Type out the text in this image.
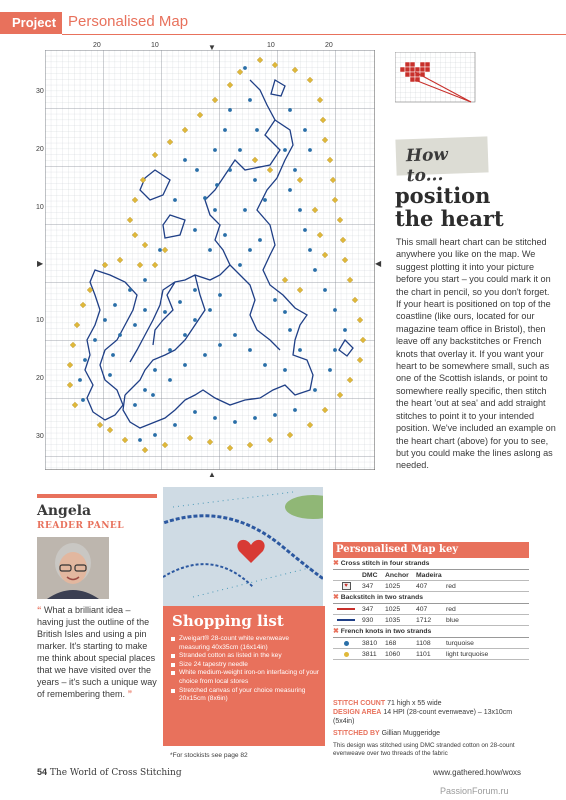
Project Personalised Map
20	10	10	20
30
20
10
10
20
30
▼
▲
▶	◀
How to...
position
the heart
This small heart chart can be stitched anywhere you like on the map. We suggest plotting it into your picture before you start – you could mark it on the chart in pencil, so you don't forget. If your heart is positioned on top of the coastline (like ours, located for our magazine team office in Bristol), then leave off any backstitches or French knots that overlay it. If you want your heart to be somewhere small, such as one of the Scottish islands, or point to somewhere really specific, then stitch the heart 'out at sea' and add straight stitches to point it to your intended position. We've included an example on the heart chart (above) for you to see, but you could make the lines aslong as needed.
Angela
READER PANEL
“ What a brilliant idea – having just the outline of the British Isles and using a pin marker. It's starting to make me think about special places that we have visited over the years – it's such a unique way of remembering them. ”
Shopping list
Zweigart® 28-count white evenweave measuring 40x35cm (16x14in)
Stranded cotton as listed in the key
Size 24 tapestry needle
White medium-weight iron-on interfacing of your choice from local stores
Stretched canvas of your choice measuring 20x15cm (8x6in)
*For stockists see page 82
Personalised Map key
✖ Cross stitch in four strands
DMC	Anchor	Madeira
♥	347	1025	407	red
✖ Backstitch in two strands
347	1025	407	red
930	1035	1712	blue
✖ French knots in two strands
3810	168	1108	turquoise
3811	1060	1101	light turquoise
STITCH COUNT 71 high x 55 wide
DESIGN AREA 14 HPI (28-count evenweave) – 13x10cm (5x4in)
STITCHED BY Gillian Muggeridge
This design was stitched using DMC stranded cotton on 28-count evenweave over two threads of the fabric
54 The World of Cross Stitching	www.gathered.how/woxs
PassionForum.ru
